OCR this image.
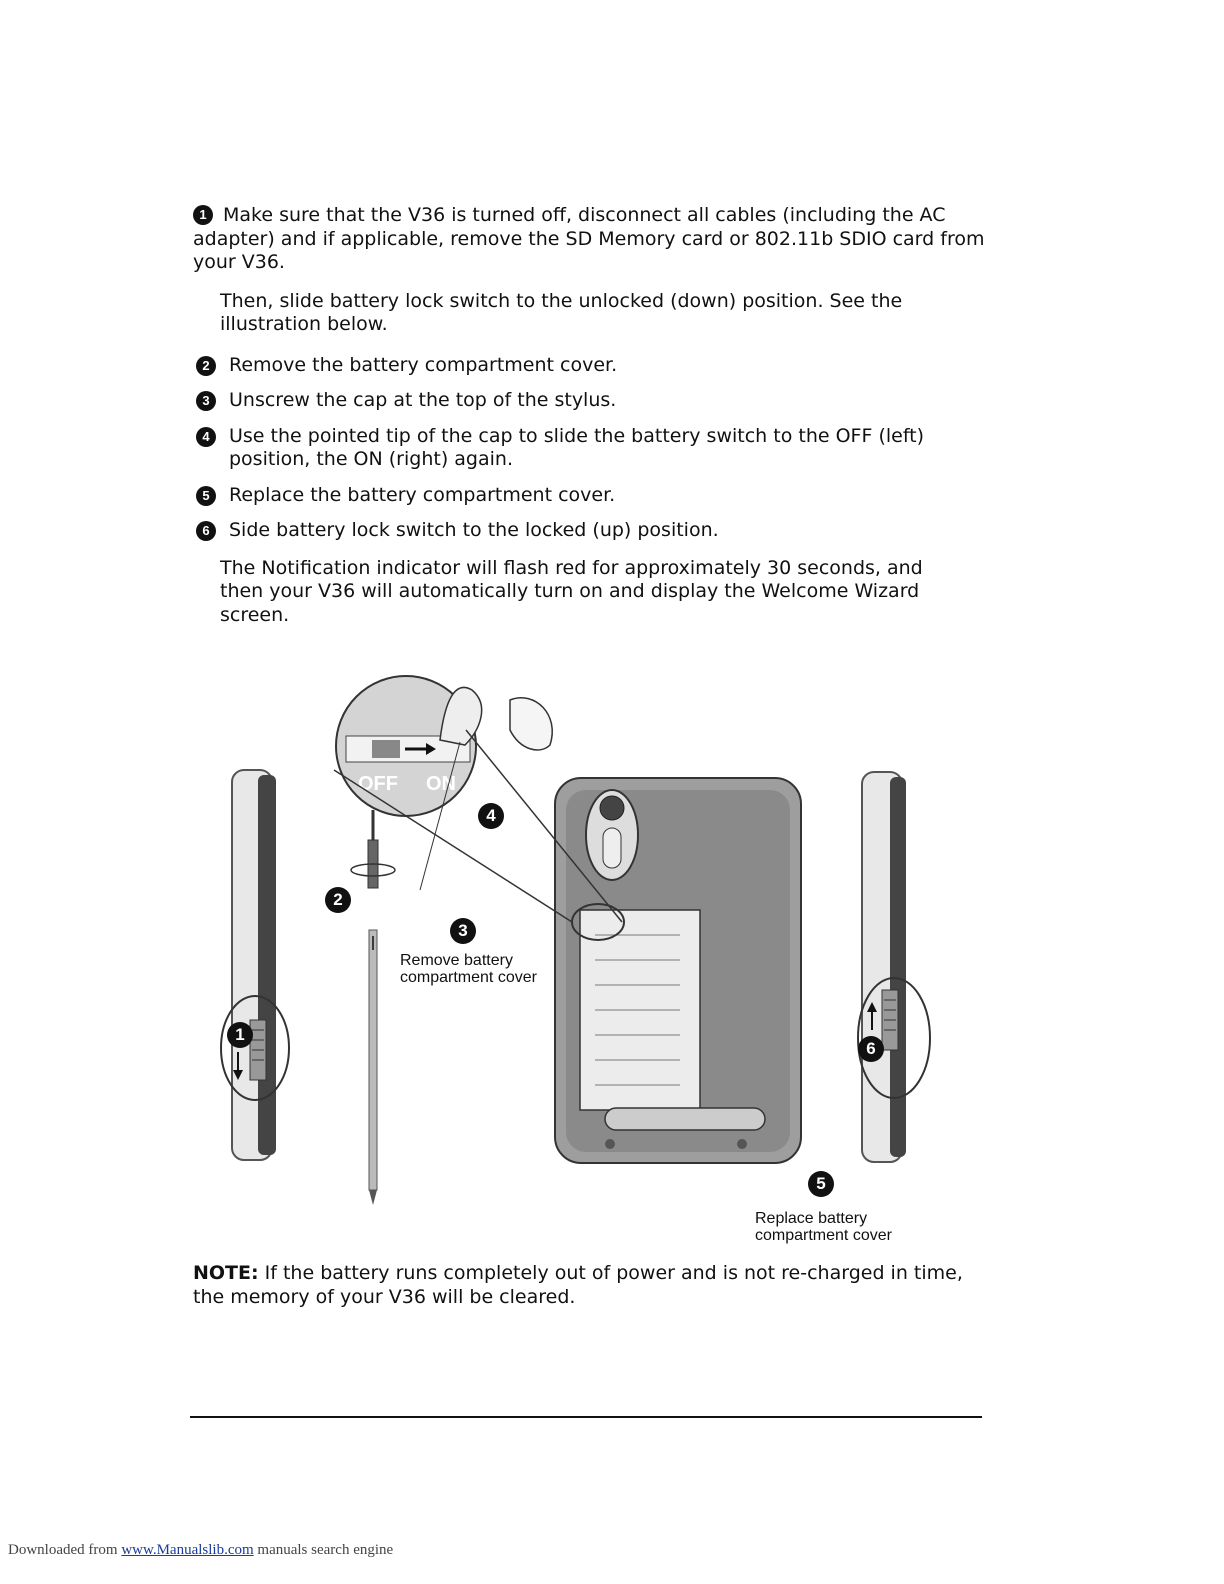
1 Make sure that the V36 is turned off, disconnect all cables (including the AC adapter) and if applicable, remove the SD Memory card or 802.11b SDIO card from your V36.
Then, slide battery lock switch to the unlocked (down) position. See the illustration below.
2	Remove the battery compartment cover.
3	Unscrew the cap at the top of the stylus.
4	Use the pointed tip of the cap to slide the battery switch to the OFF (left) position, the ON (right) again.
5	Replace the battery compartment cover.
6	Side battery lock switch to the locked (up) position.
The Notification indicator will flash red for approximately 30 seconds, and then your V36 will automatically turn on and display the Welcome Wizard screen.
OFF ON
1
2
3
4
5
6
Remove battery
compartment cover
Replace battery
compartment cover
NOTE: If the battery runs completely out of power and is not re-charged in time, the memory of your V36 will be cleared.
Downloaded from www.Manualslib.com manuals search engine
